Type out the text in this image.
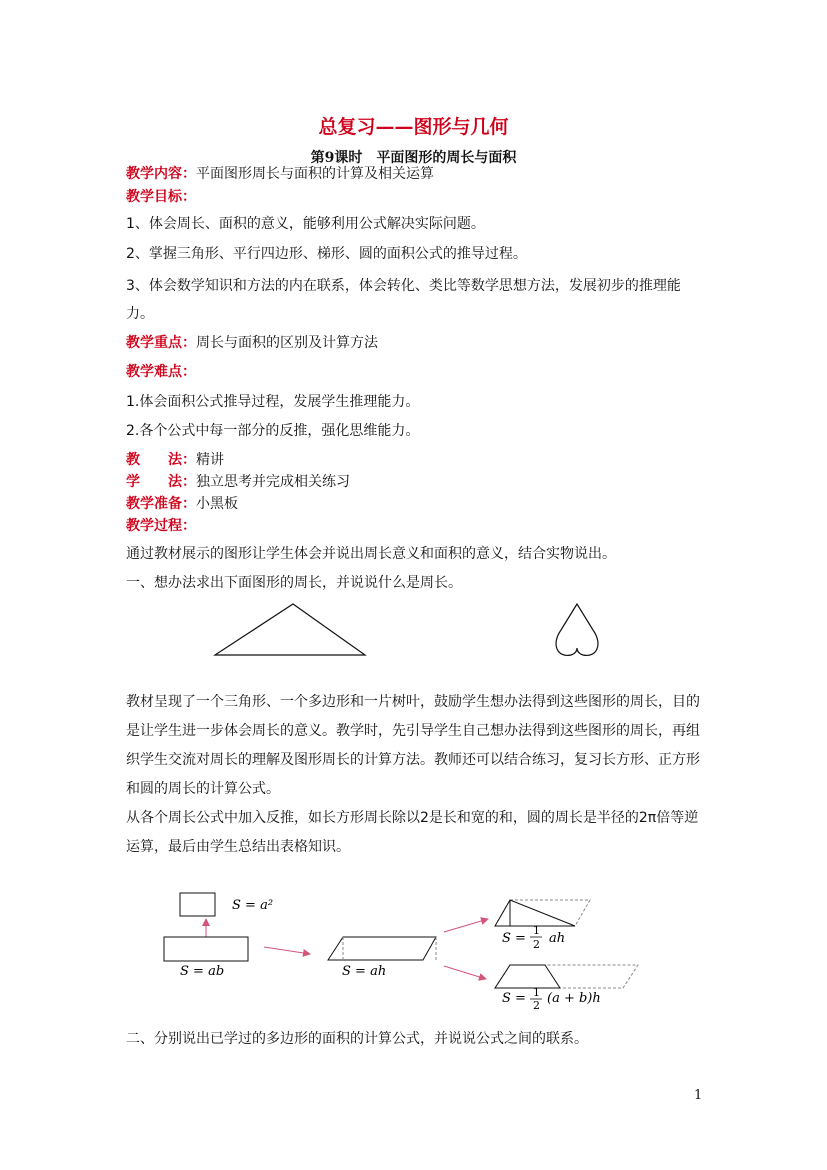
总复习——图形与几何
第9课时　平面图形的周长与面积
教学内容：平面图形周长与面积的计算及相关运算
教学目标：
1、体会周长、面积的意义，能够利用公式解决实际问题。
2、掌握三角形、平行四边形、梯形、圆的面积公式的推导过程。
3、体会数学知识和方法的内在联系，体会转化、类比等数学思想方法，发展初步的推理能
力。
教学重点：周长与面积的区别及计算方法
教学难点：
1.体会面积公式推导过程，发展学生推理能力。
2.各个公式中每一部分的反推，强化思维能力。
教　　法：精讲
学　　法：独立思考并完成相关练习
教学准备：小黑板
教学过程：
通过教材展示的图形让学生体会并说出周长意义和面积的意义，结合实物说出。
一、想办法求出下面图形的周长，并说说什么是周长。
教材呈现了一个三角形、一个多边形和一片树叶，鼓励学生想办法得到这些图形的周长，目的是让学生进一步体会周长的意义。教学时，先引导学生自己想办法得到这些图形的周长，再组织学生交流对周长的理解及图形周长的计算方法。教师还可以结合练习，复习长方形、正方形和圆的周长的计算公式。
从各个周长公式中加入反推，如长方形周长除以2是长和宽的和，圆的周长是半径的2π倍等逆运算，最后由学生总结出表格知识。
S = a²
S = ab	S = ah
S =
1
2 ah
S = 1
2 (a + b)h
二、分别说出已学过的多边形的面积的计算公式，并说说公式之间的联系。
1
